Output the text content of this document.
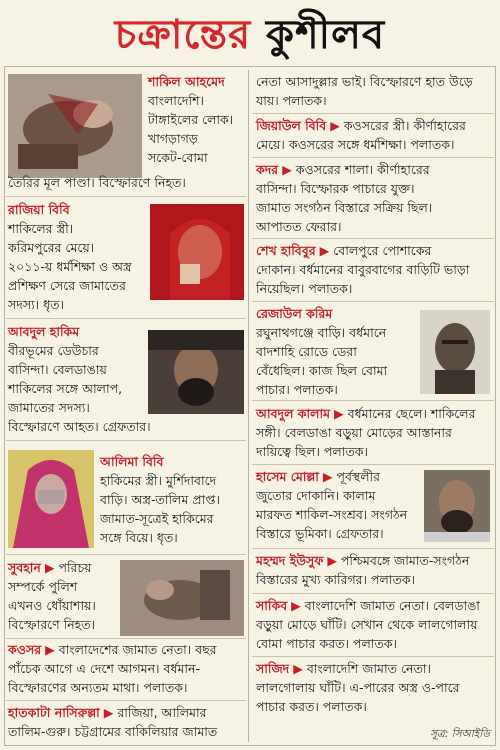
চক্রান্তের কুশীলব

শাকিল আহমেদ

বাংলাদেশি।

টাঙ্গাইলের লোক।

খাগড়াগড়

সকেট-বোমা

তৈরির মূল পাণ্ডা। বিস্ফোরণে নিহত।

রাজিয়া বিবি

শাকিলের স্ত্রী।

করিমপুরের মেয়ে।

২০১১-য় ধর্মশিক্ষা ও অস্ত্র

প্রশিক্ষণ সেরে জামাতের

সদস্য। ধৃত।

আবদুল হাকিম

বীরভূমের ডেউচার

বাসিন্দা। বেলডাঙায়

শাকিলের সঙ্গে আলাপ,

জামাতের সদস্য।

বিস্ফোরণে আহত। গ্রেফতার।

আলিমা বিবি

হাকিমের স্ত্রী। মুর্শিদাবাদে

বাড়ি। অস্ত্র-তালিম প্রাপ্ত।

জামাত-সূত্রেই হাকিমের

সঙ্গে বিয়ে। ধৃত।

সুবহান ▶ পরিচয়

সম্পর্কে পুলিশ

এখনও ধোঁয়াশায়।

বিস্ফোরণে নিহত।

কওসর ▶ বাংলাদেশের জামাত নেতা। বছর

পাঁচেক আগে এ দেশে আগমন। বর্ধমান-

বিস্ফোরণের অন্যতম মাথা। পলাতক।

হাতকাটা নাসিরুল্লা ▶ রাজিয়া, আলিমার

তালিম-গুরু। চট্টগ্রামের বাকিলিয়ার জামাত

নেতা আসাদুল্লার ভাই। বিস্ফোরণে হাত উড়ে

যায়। পলাতক।

জিয়াউল বিবি ▶ কওসরের স্ত্রী। কীর্ণাহারের

মেয়ে। কওসরের সঙ্গে ধর্মশিক্ষা। পলাতক।

কদর ▶ কওসরের শালা। কীর্ণাহারের

বাসিন্দা। বিস্ফোরক পাচারে যুক্ত।

জামাত সংগঠন বিস্তারে সক্রিয় ছিল।

আপাতত ফেরার।

শেখ হাবিবুর ▶ বোলপুরে পোশাকের

দোকান। বর্ধমানের বাবুরবাগের বাড়িটি ভাড়া

নিয়েছিল। পলাতক।

রেজাউল করিম

রঘুনাথগঞ্জে বাড়ি। বর্ধমানে

বাদশাহি রোডে ডেরা

বেঁধেছিল। কাজ ছিল বোমা

পাচার। পলাতক।

আবদুল কালাম ▶ বর্ধমানের ছেলে। শাকিলের

সঙ্গী। বেলডাঙা বড়ুয়া মোড়ের আস্তানার

দায়িত্বে ছিল। পলাতক।

হাসেম মোল্লা ▶ পূর্বস্থলীর

জুতোর দোকানি। কালাম

মারফত শাকিল-সংশ্রব। সংগঠন

বিস্তারে ভূমিকা। গ্রেফতার।

মহম্মদ ইউসুফ ▶ পশ্চিমবঙ্গে জামাত-সংগঠন

বিস্তারের মুখ্য কারিগর। পলাতক।

সাকিব ▶ বাংলাদেশি জামাত নেতা। বেলডাঙা

বড়ুয়া মোড়ে ঘাঁটি। সেখান থেকে লালগোলায়

বোমা পাচার করত। পলাতক।

সাজিদ ▶ বাংলাদেশি জামাত নেতা।

লালগোলায় ঘাঁটি। এ-পারের অস্ত্র ও-পারে

পাচার করত। পলাতক।

সূত্র: সিআইডি
